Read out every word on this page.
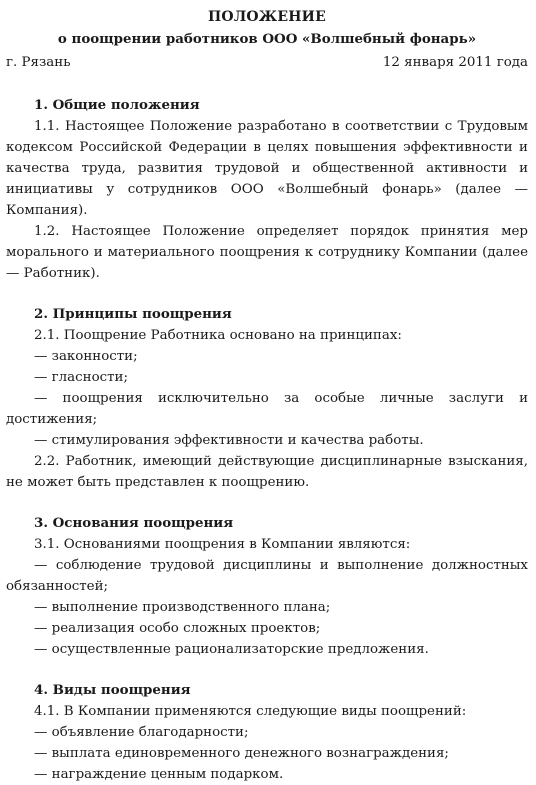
ПОЛОЖЕНИЕ
о поощрении работников ООО «Волшебный фонарь»
г. Рязань	12 января 2011 года
1. Общие положения
1.1. Настоящее Положение разработано в соответствии с Трудовым кодексом Российской Федерации в целях повышения эффективности и качества труда, развития трудовой и общественной активности и инициативы у сотрудников ООО «Волшебный фонарь» (далее — Компания).
1.2. Настоящее Положение определяет порядок принятия мер морального и материального поощрения к сотруднику Компании (далее — Работник).
2. Принципы поощрения
2.1. Поощрение Работника основано на принципах:
— законности;
— гласности;
— поощрения исключительно за особые личные заслуги и достижения;
— стимулирования эффективности и качества работы.
2.2. Работник, имеющий действующие дисциплинарные взыскания, не может быть представлен к поощрению.
3. Основания поощрения
3.1. Основаниями поощрения в Компании являются:
— соблюдение трудовой дисциплины и выполнение должностных обязанностей;
— выполнение производственного плана;
— реализация особо сложных проектов;
— осуществленные рационализаторские предложения.
4. Виды поощрения
4.1. В Компании применяются следующие виды поощрений:
— объявление благодарности;
— выплата единовременного денежного вознаграждения;
— награждение ценным подарком.
